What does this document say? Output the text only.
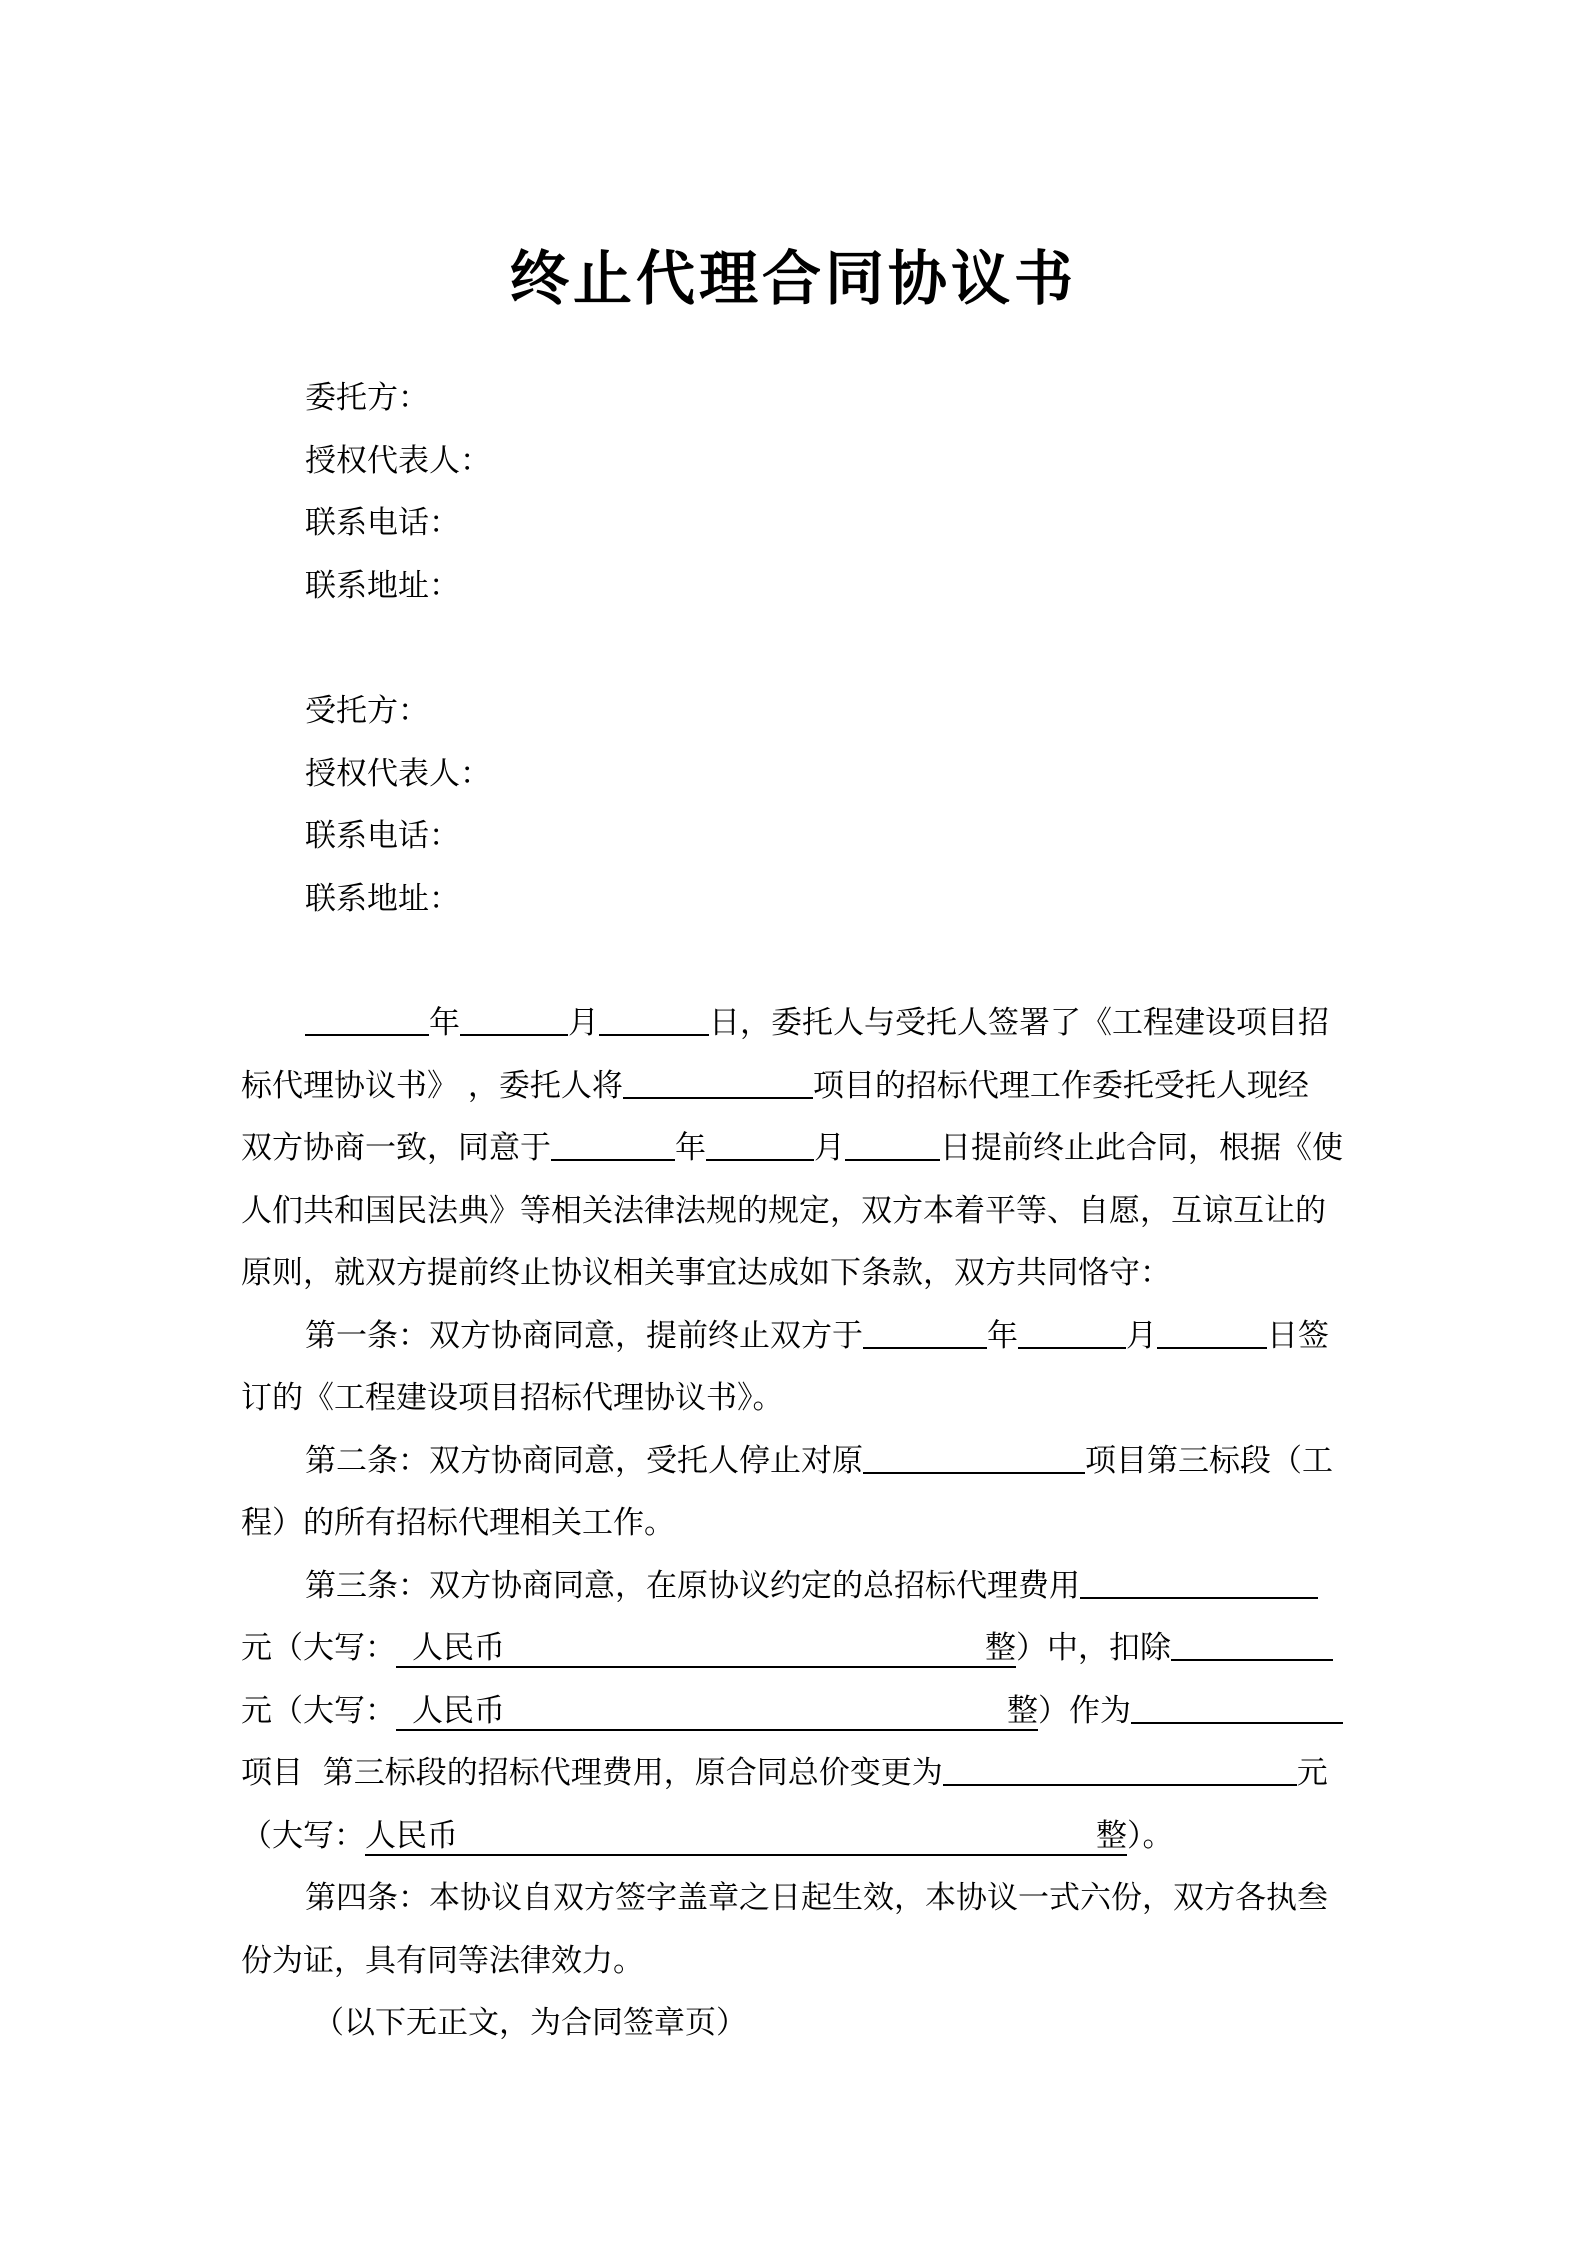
终止代理合同协议书
委托方：
授权代表人：
联系电话：
联系地址：
受托方：
授权代表人：
联系电话：
联系地址：
年	月	日，委托人与受托人签署了《工程建设项目招
标代理协议书》 ，委托人将	项目的招标代理工作委托受托人现经
双方协商一致，同意于	年	月	日提前终止此合同，根据《使
人们共和国民法典》等相关法律法规的规定，双方本着平等、自愿，互谅互让的
原则，就双方提前终止协议相关事宜达成如下条款，双方共同恪守：
第一条：双方协商同意，提前终止双方于	年	月	日签
订的《工程建设项目招标代理协议书》。
第二条：双方协商同意，受托人停止对原	项目第三标段（工
程）的所有招标代理相关工作。
第三条：双方协商同意，在原协议约定的总招标代理费用
元（大写： 人民币	整 ）中，扣除
元（大写： 人民币	整 ）作为
项目  第三标段的招标代理费用，原合同总价变更为	元
（大写：人民币	整 ）。
第四条：本协议自双方签字盖章之日起生效，本协议一式六份，双方各执叁
份为证，具有同等法律效力。
（以下无正文，为合同签章页）
